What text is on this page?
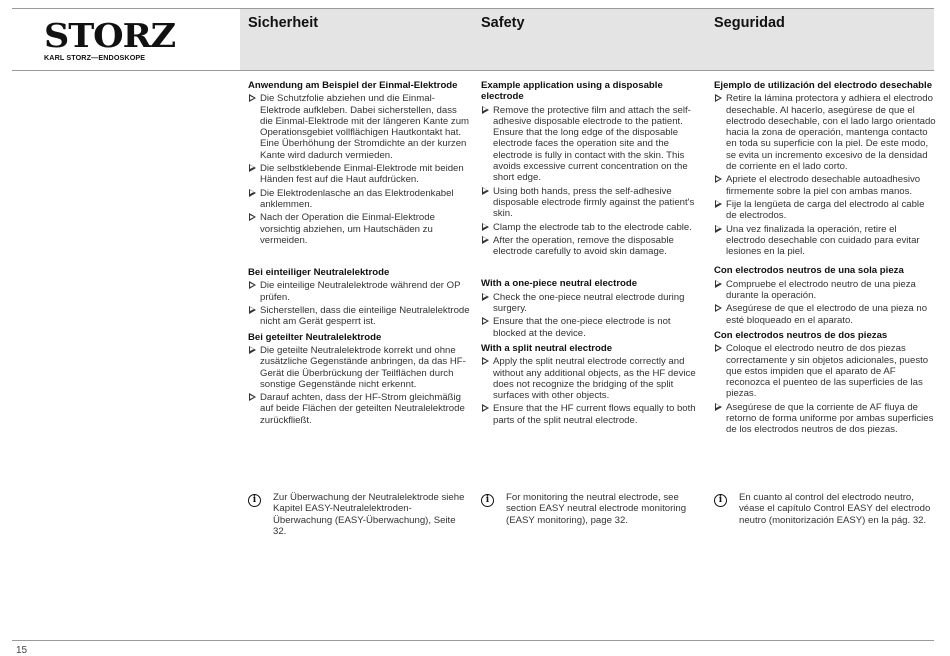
STORZ
KARL STORZ—ENDOSKOPE
Sicherheit	Safety	Seguridad
Anwendung am Beispiel der Einmal-Elektrode
Die Schutzfolie abziehen und die Einmal-Elektrode aufkleben. Dabei sicherstellen, dass die Einmal-Elektrode mit der längeren Kante zum Operationsgebiet vollflächigen Hautkontakt hat. Eine Überhöhung der Stromdichte an der kurzen Kante wird dadurch vermieden.
Die selbstklebende Einmal-Elektrode mit beiden Händen fest auf die Haut aufdrücken.
Die Elektrodenlasche an das Elektrodenkabel anklemmen.
Nach der Operation die Einmal-Elektrode vorsichtig abziehen, um Hautschäden zu vermeiden.
Bei einteiliger Neutralelektrode
Die einteilige Neutralelektrode während der OP prüfen.
Sicherstellen, dass die einteilige Neutralelektrode nicht am Gerät gesperrt ist.
Bei geteilter Neutralelektrode
Die geteilte Neutralelektrode korrekt und ohne zusätzliche Gegenstände anbringen, da das HF-Gerät die Überbrückung der Teilflächen durch sonstige Gegenstände nicht erkennt.
Darauf achten, dass der HF-Strom gleichmäßig auf beide Flächen der geteilten Neutralelektrode zurückfließt.
Example application using a disposable electrode
Remove the protective film and attach the self-adhesive disposable electrode to the patient. Ensure that the long edge of the disposable electrode faces the operation site and the electrode is fully in contact with the skin. This avoids excessive current concentration on the short edge.
Using both hands, press the self-adhesive disposable electrode firmly against the patient's skin.
Clamp the electrode tab to the electrode cable.
After the operation, remove the disposable electrode carefully to avoid skin damage.
With a one-piece neutral electrode
Check the one-piece neutral electrode during surgery.
Ensure that the one-piece electrode is not blocked at the device.
With a split neutral electrode
Apply the split neutral electrode correctly and without any additional objects, as the HF device does not recognize the bridging of the split surfaces with other objects.
Ensure that the HF current flows equally to both parts of the split neutral electrode.
Ejemplo de utilización del electrodo desechable
Retire la lámina protectora y adhiera el electrodo desechable. Al hacerlo, asegúrese de que el electrodo desechable, con el lado largo orientado hacia la zona de operación, mantenga contacto en toda su superficie con la piel. De este modo, se evita un incremento excesivo de la densidad de corriente en el lado corto.
Apriete el electrodo desechable autoadhesivo firmemente sobre la piel con ambas manos.
Fije la lengüeta de carga del electrodo al cable de electrodos.
Una vez finalizada la operación, retire el electrodo desechable con cuidado para evitar lesiones en la piel.
Con electrodos neutros de una sola pieza
Compruebe el electrodo neutro de una pieza durante la operación.
Asegúrese de que el electrodo de una pieza no esté bloqueado en el aparato.
Con electrodos neutros de dos piezas
Coloque el electrodo neutro de dos piezas correctamente y sin objetos adicionales, puesto que estos impiden que el aparato de AF reconozca el puenteo de las superficies de las piezas.
Asegúrese de que la corriente de AF fluya de retorno de forma uniforme por ambas superficies de los electrodos neutros de dos piezas.
i	Zur Überwachung der Neutralelektrode siehe Kapitel EASY-Neutralelektroden-Überwachung (EASY-Überwachung), Seite 32.
i	For monitoring the neutral electrode, see section EASY neutral electrode monitoring (EASY monitoring), page 32.
i	En cuanto al control del electrodo neutro, véase el capítulo Control EASY del electrodo neutro (monitorización EASY) en la pág. 32.
15
